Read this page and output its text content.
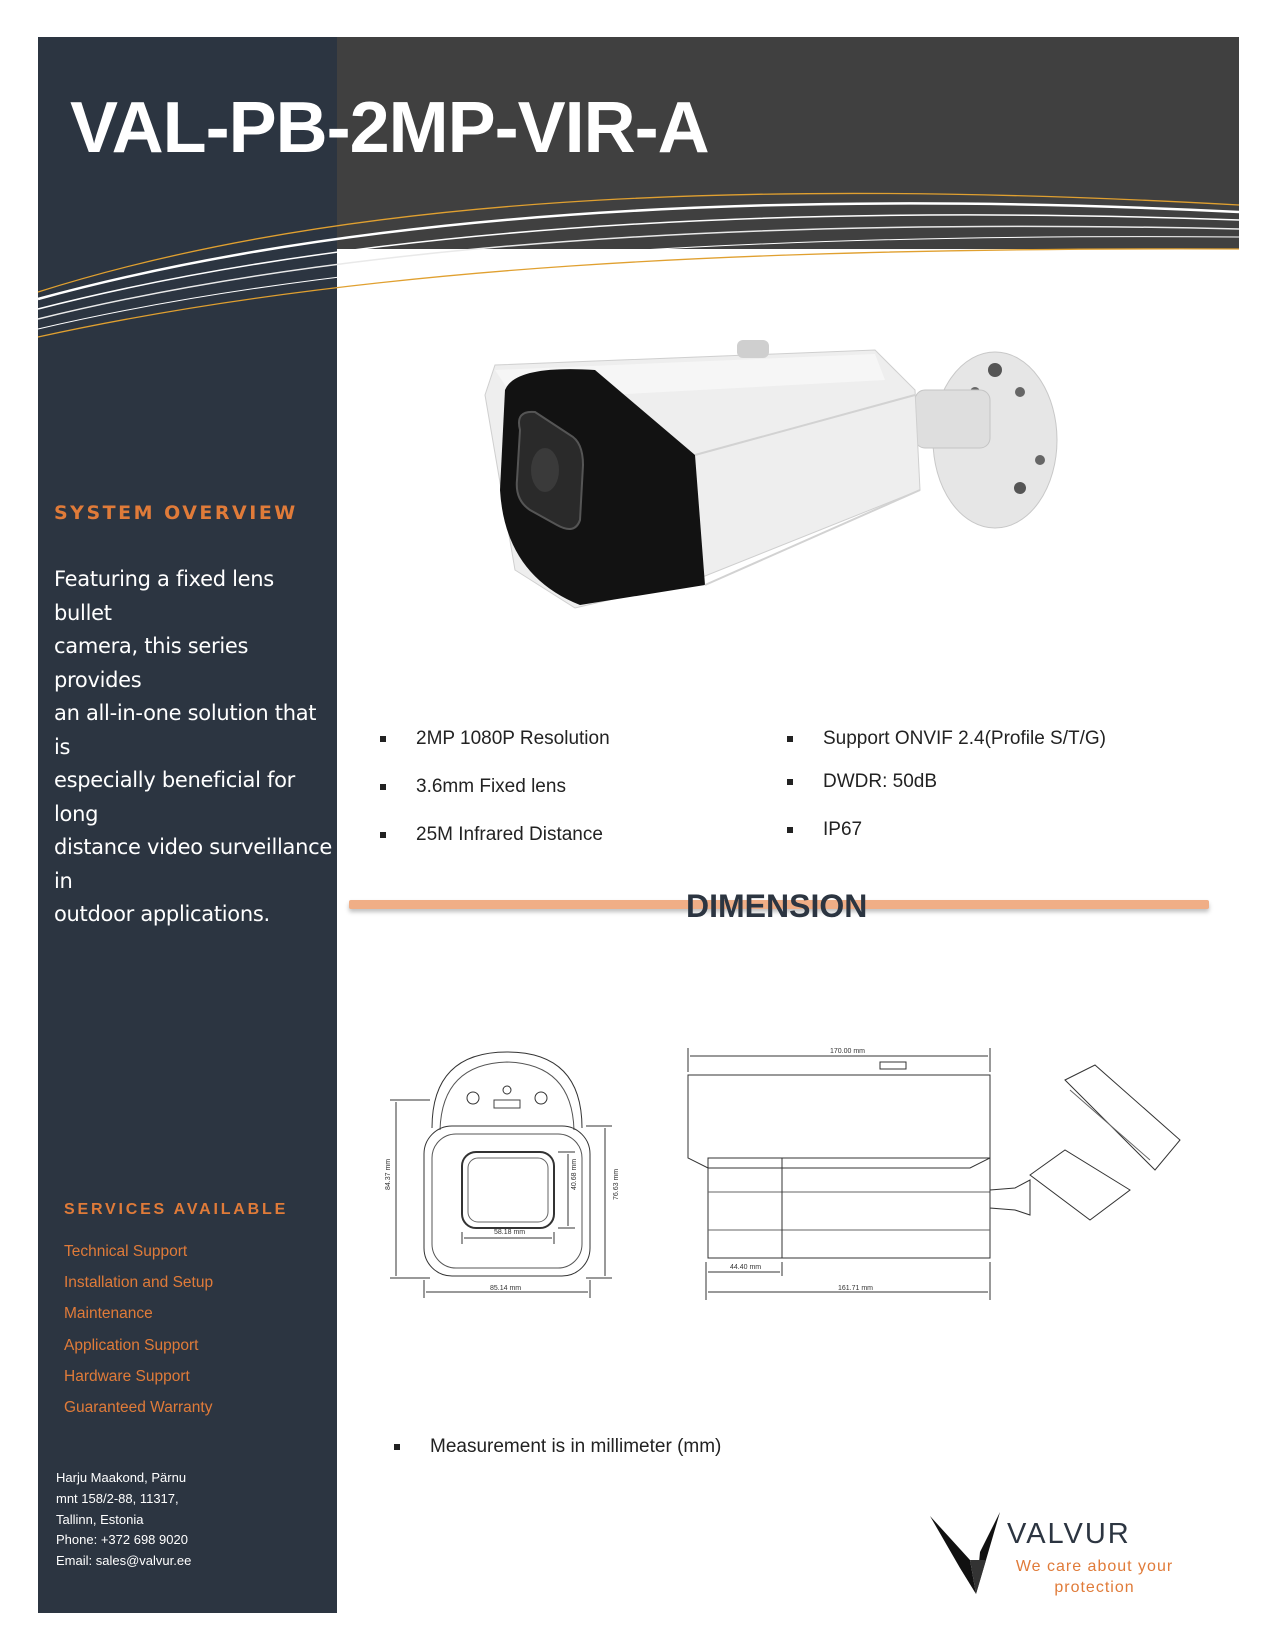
VAL-PB-2MP-VIR-A
SYSTEM OVERVIEW
Featuring a fixed lens bullet
camera, this series provides
an all-in-one solution that is
especially beneficial for long
distance video surveillance in
outdoor applications.
2MP 1080P Resolution
3.6mm Fixed lens
25M Infrared Distance
Support ONVIF 2.4(Profile S/T/G)
DWDR: 50dB
IP67
DIMENSION
84.37 mm	40.68 mm	76.63 mm
58.18 mm
85.14 mm
170.00 mm
44.40 mm
161.71 mm
Measurement is in millimeter (mm)
SERVICES AVAILABLE
Technical Support
Installation and Setup
Maintenance
Application Support
Hardware Support
Guaranteed Warranty
Harju Maakond, Pärnu
mnt 158/2-88, 11317,
Tallinn, Estonia
Phone: +372 698 9020
Email: sales@valvur.ee
VALVUR
We care about your
protection
